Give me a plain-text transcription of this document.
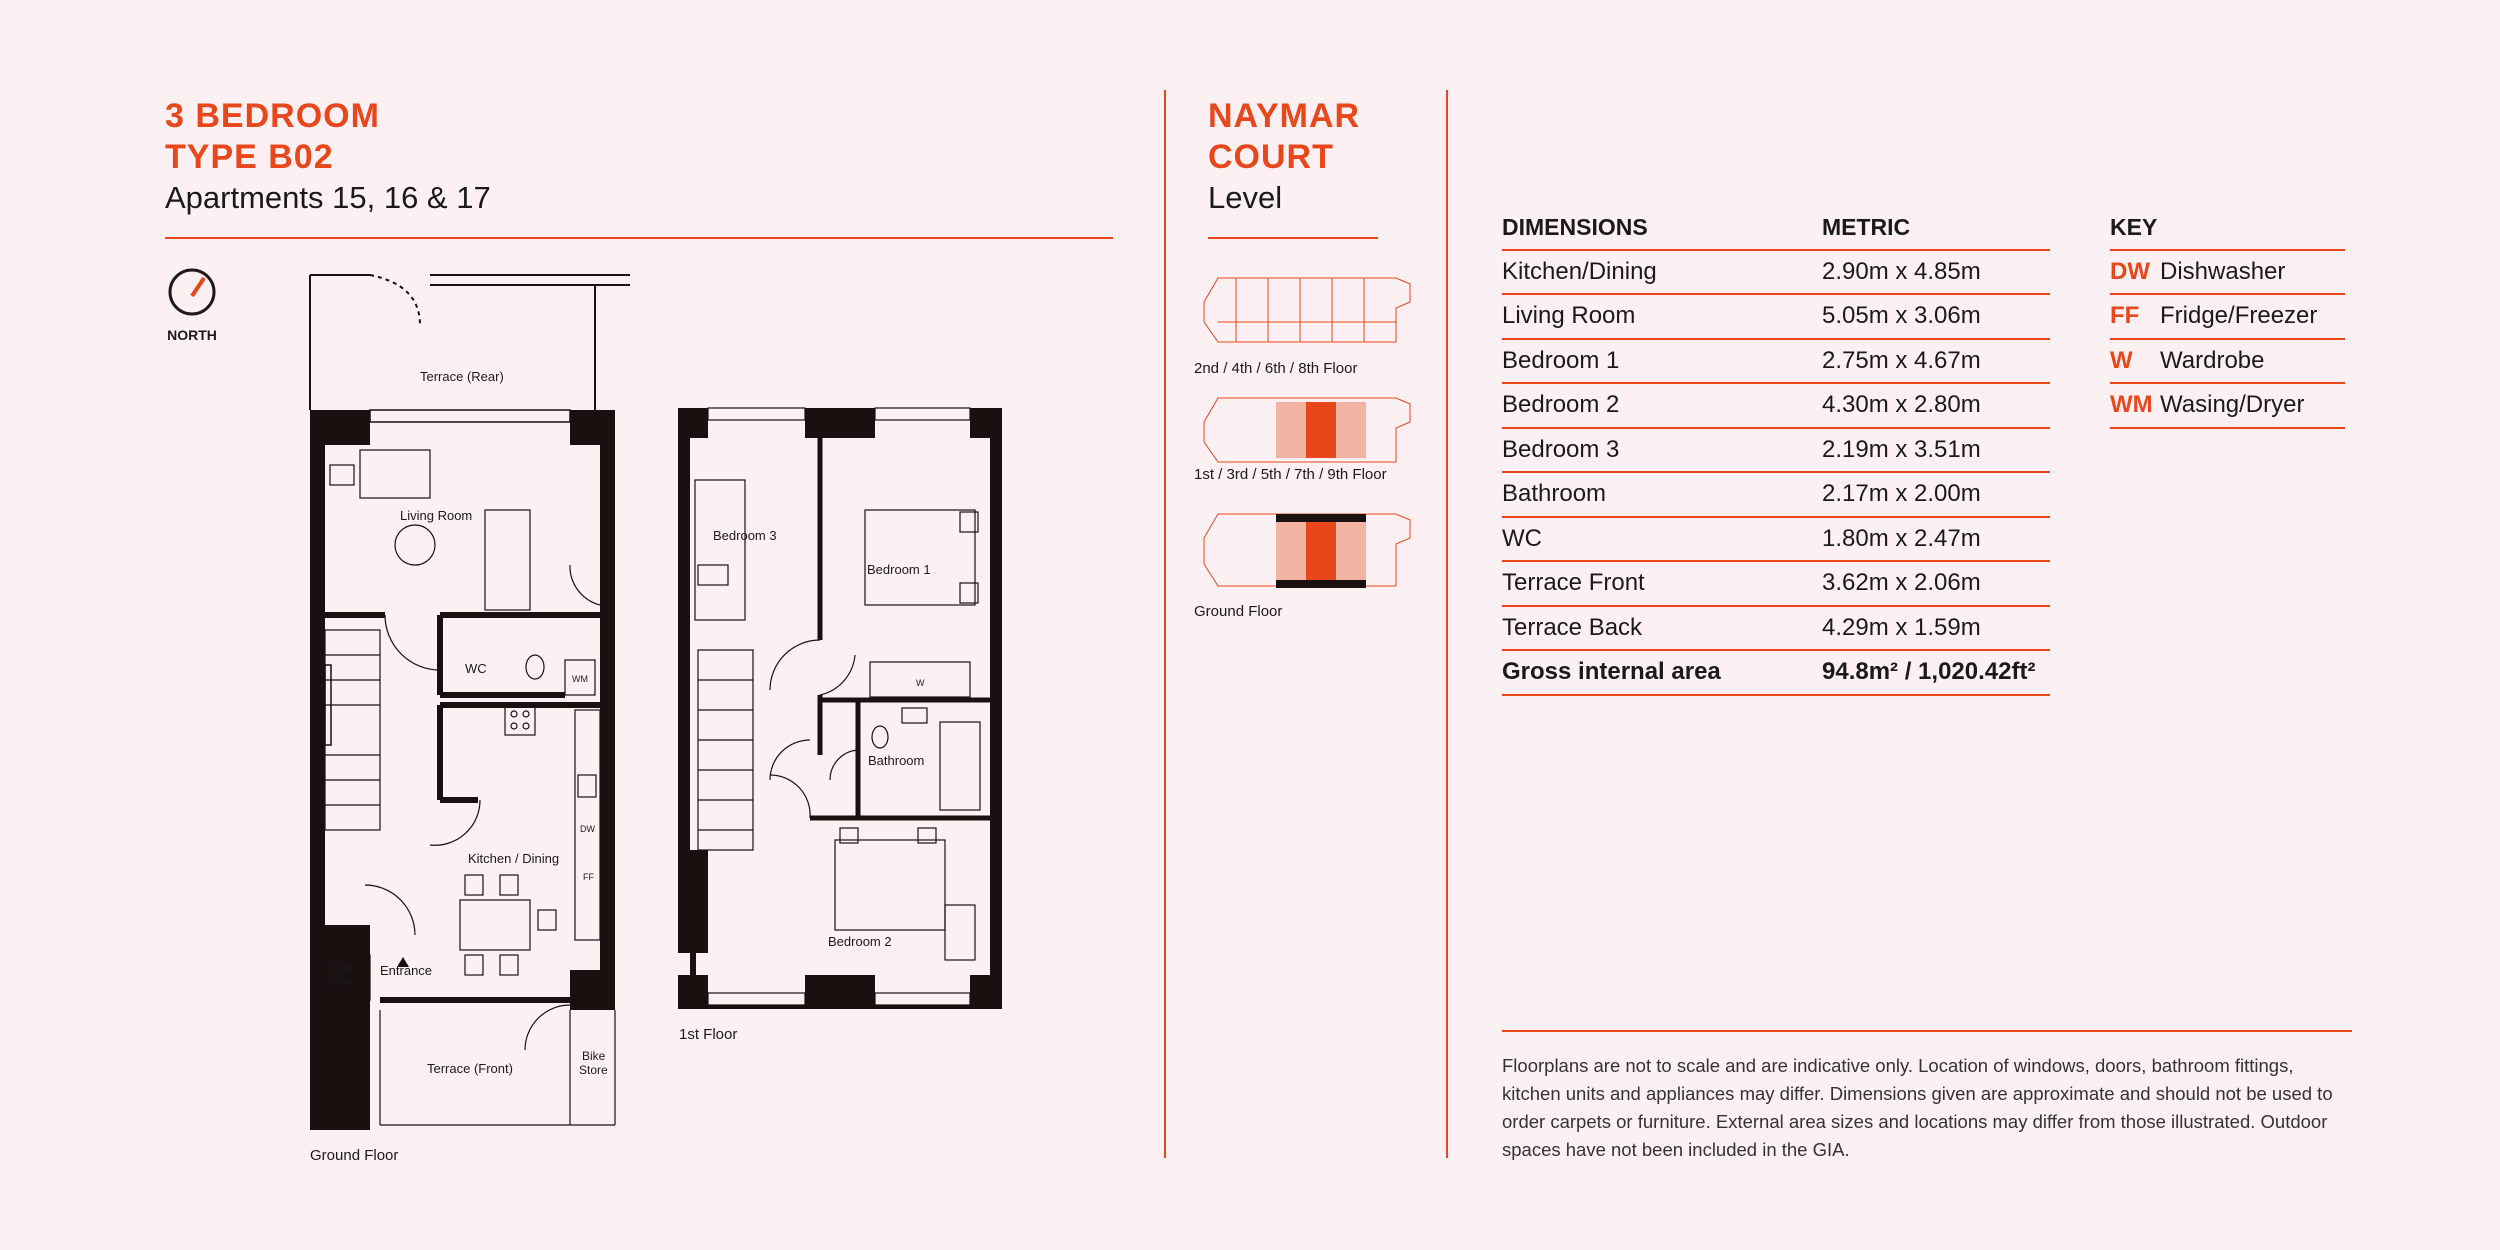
3 BEDROOM
TYPE B02
Apartments 15, 16 & 17
NAYMAR
COURT
Level
2nd / 4th / 6th / 8th Floor
1st / 3rd / 5th / 7th / 9th Floor
Ground Floor
NORTH
Terrace (Rear)
Living Room
WC
WM
Kitchen / Dining
DW
FF
Riser
Store
Entrance
Terrace (Front)
Bike
Store
Ground Floor
Bedroom 3
Bedroom 1
W
Bathroom
Bedroom 2
1st Floor
DIMENSIONS	METRIC
Kitchen/Dining	2.90m x 4.85m
Living Room	5.05m x 3.06m
Bedroom 1	2.75m x 4.67m
Bedroom 2	4.30m x 2.80m
Bedroom 3	2.19m x 3.51m
Bathroom	2.17m x 2.00m
WC	1.80m x 2.47m
Terrace Front	3.62m x 2.06m
Terrace Back	4.29m x 1.59m
Gross internal area	94.8m² / 1,020.42ft²
KEY	
DW	Dishwasher
FF	Fridge/Freezer
W	Wardrobe
WM	Wasing/Dryer
Floorplans are not to scale and are indicative only. Location of windows, doors, bathroom fittings, kitchen units and appliances may differ. Dimensions given are approximate and should not be used to order carpets or furniture. External area sizes and locations may differ from those illustrated. Outdoor spaces have not been included in the GIA.
